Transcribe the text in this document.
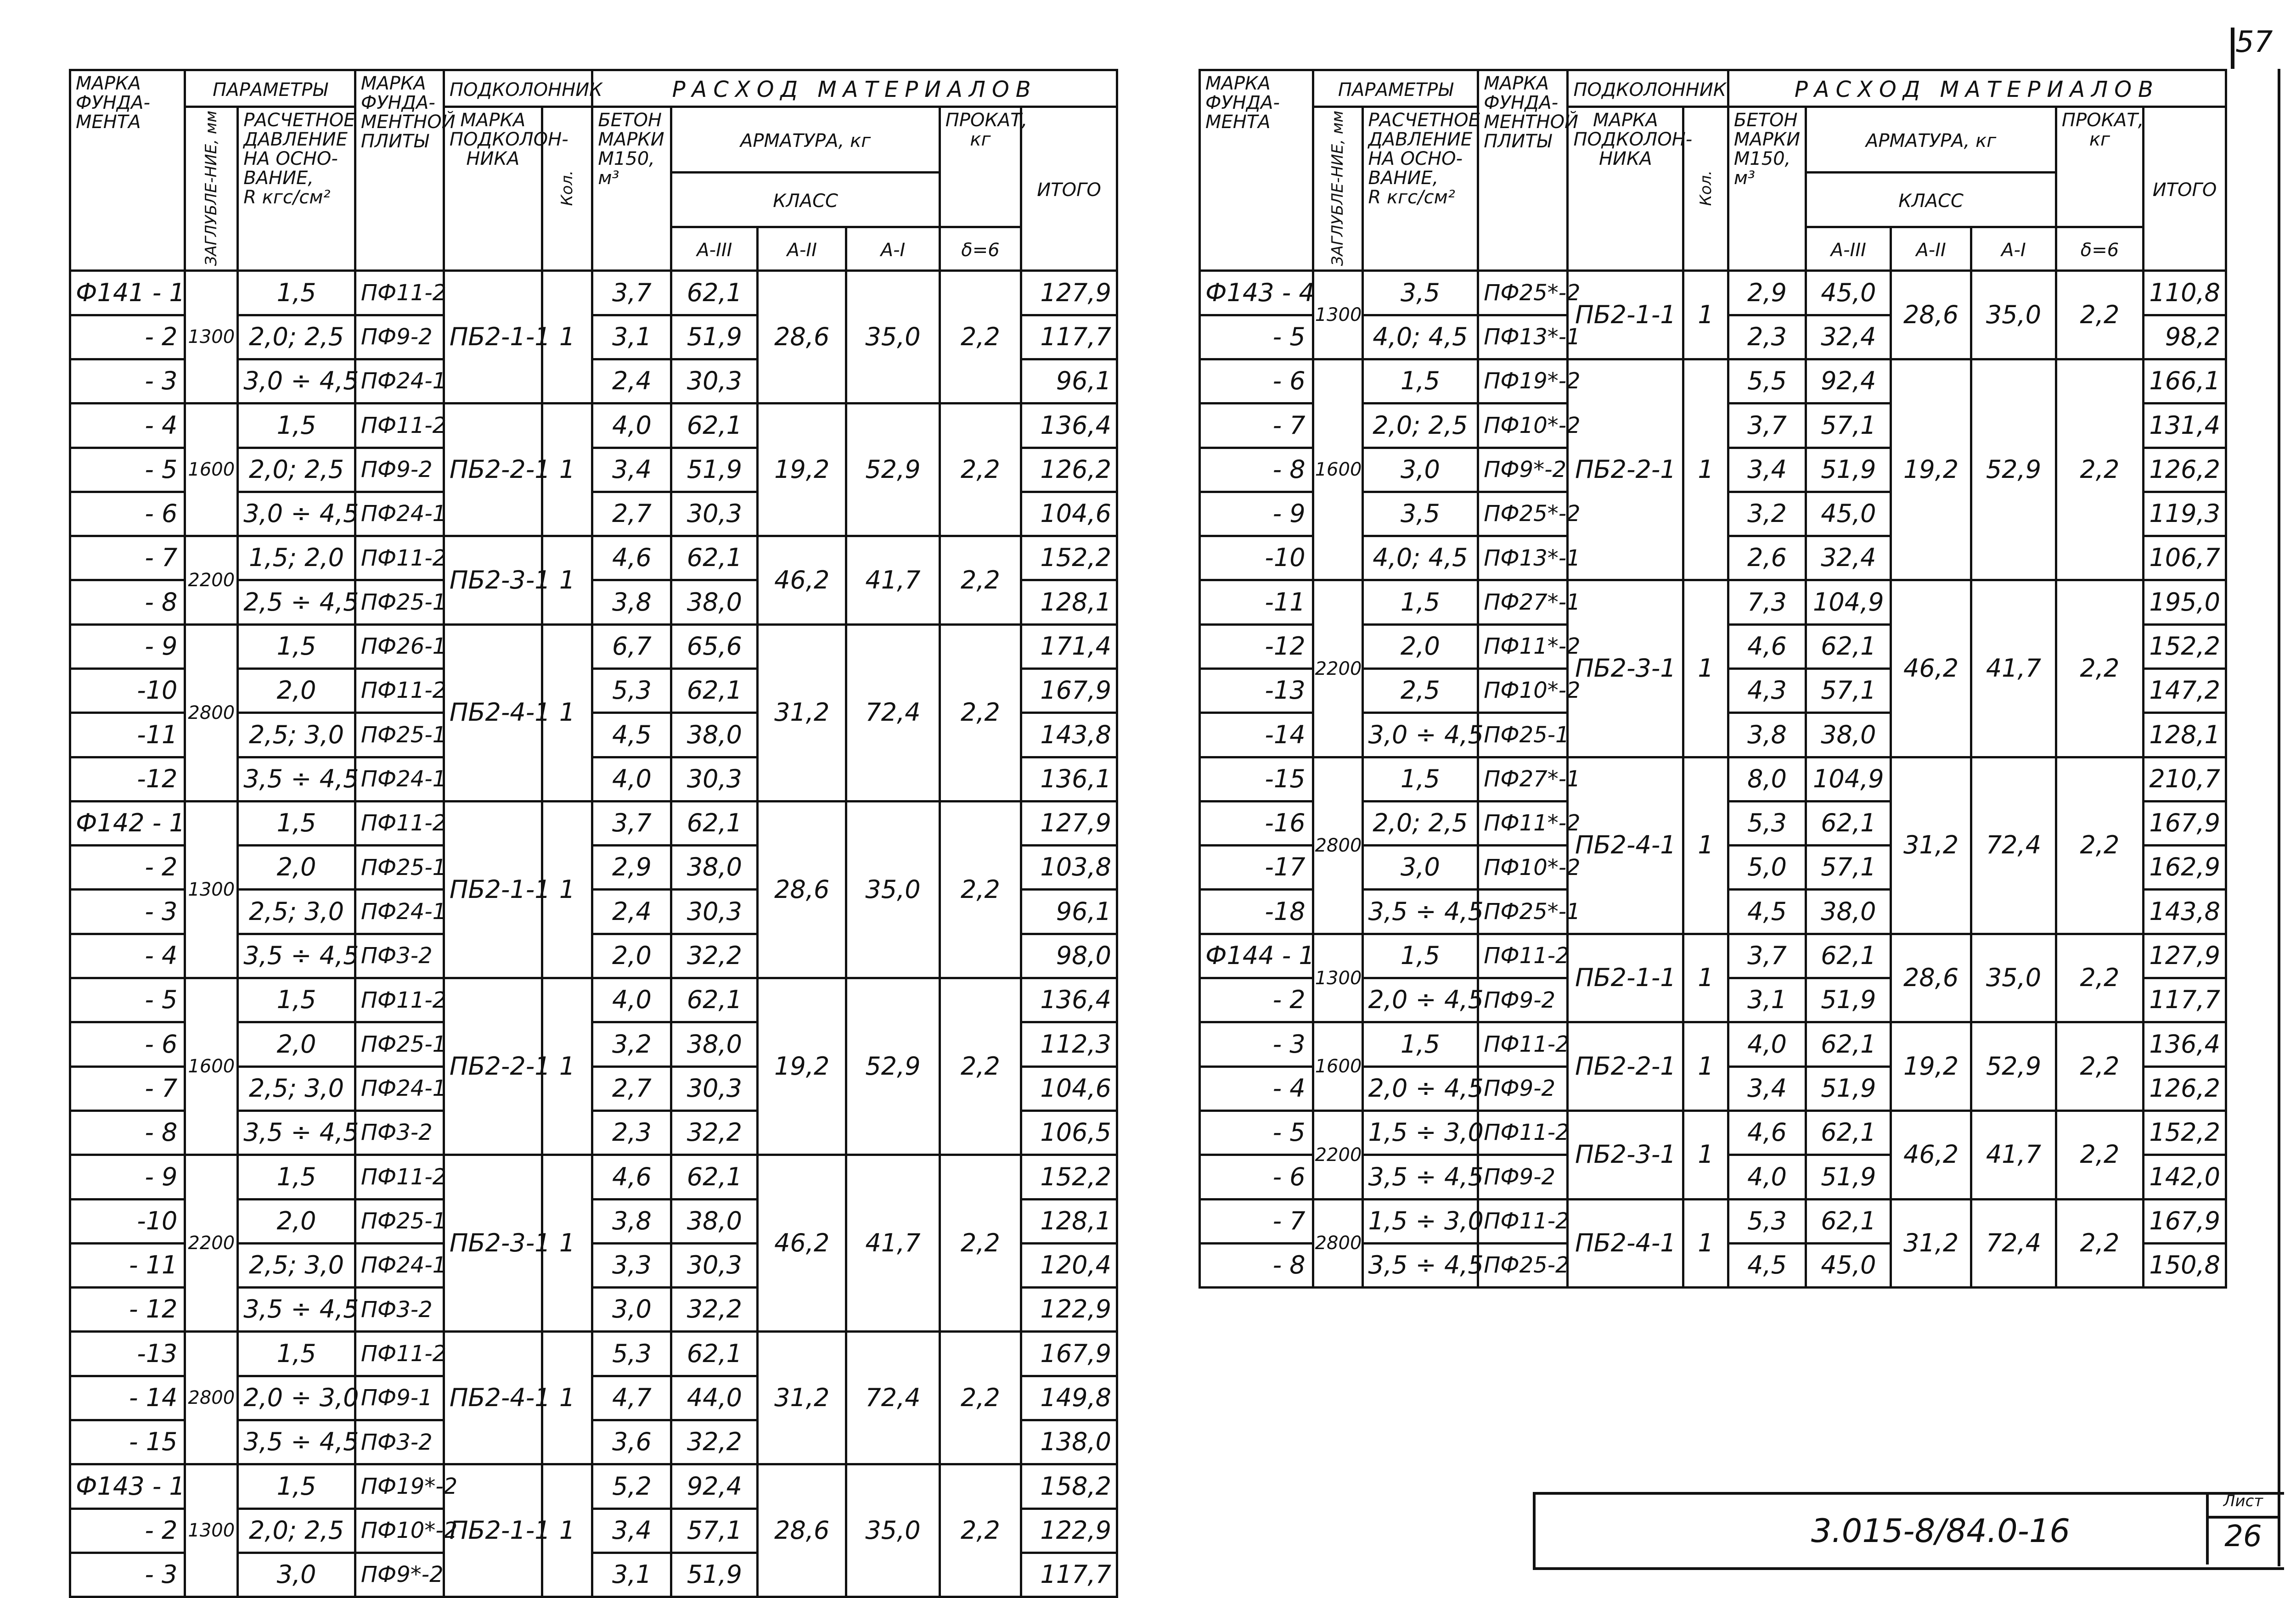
57
МАРКА
ФУНДА-
МЕНТА	ПАРАМЕТРЫ		МАРКА
ФУНДА-
МЕНТНОЙ
ПЛИТЫ	ПОДКОЛОННИК		РАСХОД МАТЕРИАЛОВ					
	ЗАГЛУБЛЕ-НИЕ, мм	РАСЧЕТНОЕ
ДАВЛЕНИЕ
НА ОСНО-
ВАНИЕ,
R кгс/см²		МАРКА
ПОДКОЛОН-
НИКА	Кол.	БЕТОН
МАРКИ
М150,
м³	АРМАТУРА, кг			ПРОКАТ,
кг	ИТОГО
							КЛАСС				
							А-III	А-II	А-I	δ=6	
Ф141 - 1	1300	1,5	ПФ11-2	ПБ2-1-1	1	3,7	62,1	28,6	35,0	2,2	127,9
- 2		2,0; 2,5	ПФ9-2			3,1	51,9				117,7
- 3		3,0 ÷ 4,5	ПФ24-1			2,4	30,3				96,1
- 4	1600	1,5	ПФ11-2	ПБ2-2-1	1	4,0	62,1	19,2	52,9	2,2	136,4
- 5		2,0; 2,5	ПФ9-2			3,4	51,9				126,2
- 6		3,0 ÷ 4,5	ПФ24-1			2,7	30,3				104,6
- 7	2200	1,5; 2,0	ПФ11-2	ПБ2-3-1	1	4,6	62,1	46,2	41,7	2,2	152,2
- 8		2,5 ÷ 4,5	ПФ25-1			3,8	38,0				128,1
- 9	2800	1,5	ПФ26-1	ПБ2-4-1	1	6,7	65,6	31,2	72,4	2,2	171,4
-10		2,0	ПФ11-2			5,3	62,1				167,9
-11		2,5; 3,0	ПФ25-1			4,5	38,0				143,8
-12		3,5 ÷ 4,5	ПФ24-1			4,0	30,3				136,1
Ф142 - 1	1300	1,5	ПФ11-2	ПБ2-1-1	1	3,7	62,1	28,6	35,0	2,2	127,9
- 2		2,0	ПФ25-1			2,9	38,0				103,8
- 3		2,5; 3,0	ПФ24-1			2,4	30,3				96,1
- 4		3,5 ÷ 4,5	ПФ3-2			2,0	32,2				98,0
- 5	1600	1,5	ПФ11-2	ПБ2-2-1	1	4,0	62,1	19,2	52,9	2,2	136,4
- 6		2,0	ПФ25-1			3,2	38,0				112,3
- 7		2,5; 3,0	ПФ24-1			2,7	30,3				104,6
- 8		3,5 ÷ 4,5	ПФ3-2			2,3	32,2				106,5
- 9	2200	1,5	ПФ11-2	ПБ2-3-1	1	4,6	62,1	46,2	41,7	2,2	152,2
-10		2,0	ПФ25-1			3,8	38,0				128,1
- 11		2,5; 3,0	ПФ24-1			3,3	30,3				120,4
- 12		3,5 ÷ 4,5	ПФ3-2			3,0	32,2				122,9
-13	2800	1,5	ПФ11-2	ПБ2-4-1	1	5,3	62,1	31,2	72,4	2,2	167,9
- 14		2,0 ÷ 3,0	ПФ9-1			4,7	44,0				149,8
- 15		3,5 ÷ 4,5	ПФ3-2			3,6	32,2				138,0
Ф143 - 1	1300	1,5	ПФ19*-2	ПБ2-1-1	1	5,2	92,4	28,6	35,0	2,2	158,2
- 2		2,0; 2,5	ПФ10*-2			3,4	57,1				122,9
- 3		3,0	ПФ9*-2			3,1	51,9				117,7
МАРКА
ФУНДА-
МЕНТА	ПАРАМЕТРЫ		МАРКА
ФУНДА-
МЕНТНОЙ
ПЛИТЫ	ПОДКОЛОННИК		РАСХОД МАТЕРИАЛОВ					
	ЗАГЛУБЛЕ-НИЕ, мм	РАСЧЕТНОЕ
ДАВЛЕНИЕ
НА ОСНО-
ВАНИЕ,
R кгс/см²		МАРКА
ПОДКОЛОН-
НИКА	Кол.	БЕТОН
МАРКИ
М150,
м³	АРМАТУРА, кг			ПРОКАТ,
кг	ИТОГО
							КЛАСС				
							А-III	А-II	А-I	δ=6	
Ф143 - 4	1300	3,5	ПФ25*-2	ПБ2-1-1	1	2,9	45,0	28,6	35,0	2,2	110,8
- 5		4,0; 4,5	ПФ13*-1			2,3	32,4				98,2
- 6	1600	1,5	ПФ19*-2	ПБ2-2-1	1	5,5	92,4	19,2	52,9	2,2	166,1
- 7		2,0; 2,5	ПФ10*-2			3,7	57,1				131,4
- 8		3,0	ПФ9*-2			3,4	51,9				126,2
- 9		3,5	ПФ25*-2			3,2	45,0				119,3
-10		4,0; 4,5	ПФ13*-1			2,6	32,4				106,7
-11	2200	1,5	ПФ27*-1	ПБ2-3-1	1	7,3	104,9	46,2	41,7	2,2	195,0
-12		2,0	ПФ11*-2			4,6	62,1				152,2
-13		2,5	ПФ10*-2			4,3	57,1				147,2
-14		3,0 ÷ 4,5	ПФ25-1			3,8	38,0				128,1
-15	2800	1,5	ПФ27*-1	ПБ2-4-1	1	8,0	104,9	31,2	72,4	2,2	210,7
-16		2,0; 2,5	ПФ11*-2			5,3	62,1				167,9
-17		3,0	ПФ10*-2			5,0	57,1				162,9
-18		3,5 ÷ 4,5	ПФ25*-1			4,5	38,0				143,8
Ф144 - 1	1300	1,5	ПФ11-2	ПБ2-1-1	1	3,7	62,1	28,6	35,0	2,2	127,9
- 2		2,0 ÷ 4,5	ПФ9-2			3,1	51,9				117,7
- 3	1600	1,5	ПФ11-2	ПБ2-2-1	1	4,0	62,1	19,2	52,9	2,2	136,4
- 4		2,0 ÷ 4,5	ПФ9-2			3,4	51,9				126,2
- 5	2200	1,5 ÷ 3,0	ПФ11-2	ПБ2-3-1	1	4,6	62,1	46,2	41,7	2,2	152,2
- 6		3,5 ÷ 4,5	ПФ9-2			4,0	51,9				142,0
- 7	2800	1,5 ÷ 3,0	ПФ11-2	ПБ2-4-1	1	5,3	62,1	31,2	72,4	2,2	167,9
- 8		3,5 ÷ 4,5	ПФ25-2			4,5	45,0				150,8
3.015-8/84.0-16
Лист
26
